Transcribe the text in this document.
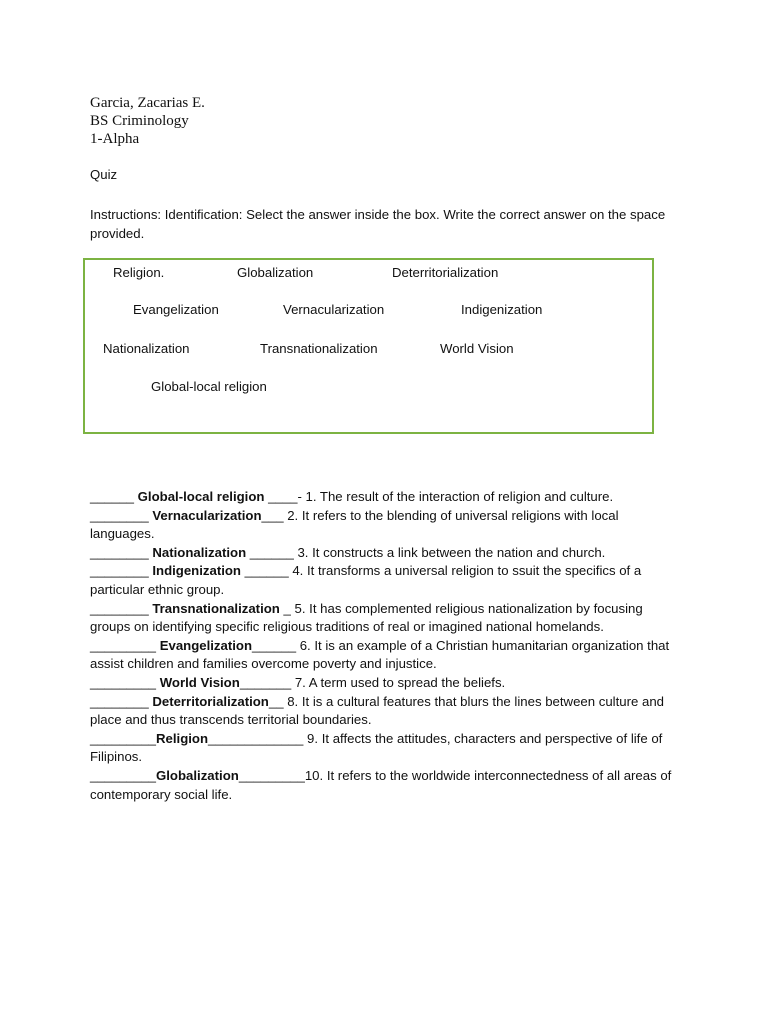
Garcia, Zacarias E.
BS Criminology
1-Alpha
Quiz
Instructions: Identification: Select the answer inside the box. Write the correct answer on the space provided.
Religion.	Globalization	Deterritorialization
Evangelization	Vernacularization	Indigenization
Nationalization	Transnationalization	World Vision
Global-local religion

______ Global-local religion ____- 1. The result of the interaction of religion and culture.

________ Vernacularization___ 2. It refers to the blending of universal religions with local languages.

________ Nationalization ______ 3. It constructs a link between the nation and church.

________ Indigenization ______ 4. It transforms a universal religion to ssuit the specifics of a particular ethnic group.

________ Transnationalization _ 5. It has complemented religious nationalization by focusing groups on identifying specific religious traditions of real or imagined national homelands.

_________ Evangelization______ 6. It is an example of a Christian humanitarian organization that assist children and families overcome poverty and injustice.

_________ World Vision_______ 7. A term used to spread the beliefs.

________ Deterritorialization__ 8. It is a cultural features that blurs the lines between culture and place and thus transcends territorial boundaries.

_________Religion_____________ 9. It affects the attitudes, characters and perspective of life of Filipinos.

_________Globalization_________10. It refers to the worldwide interconnectedness of all areas of contemporary social life.
